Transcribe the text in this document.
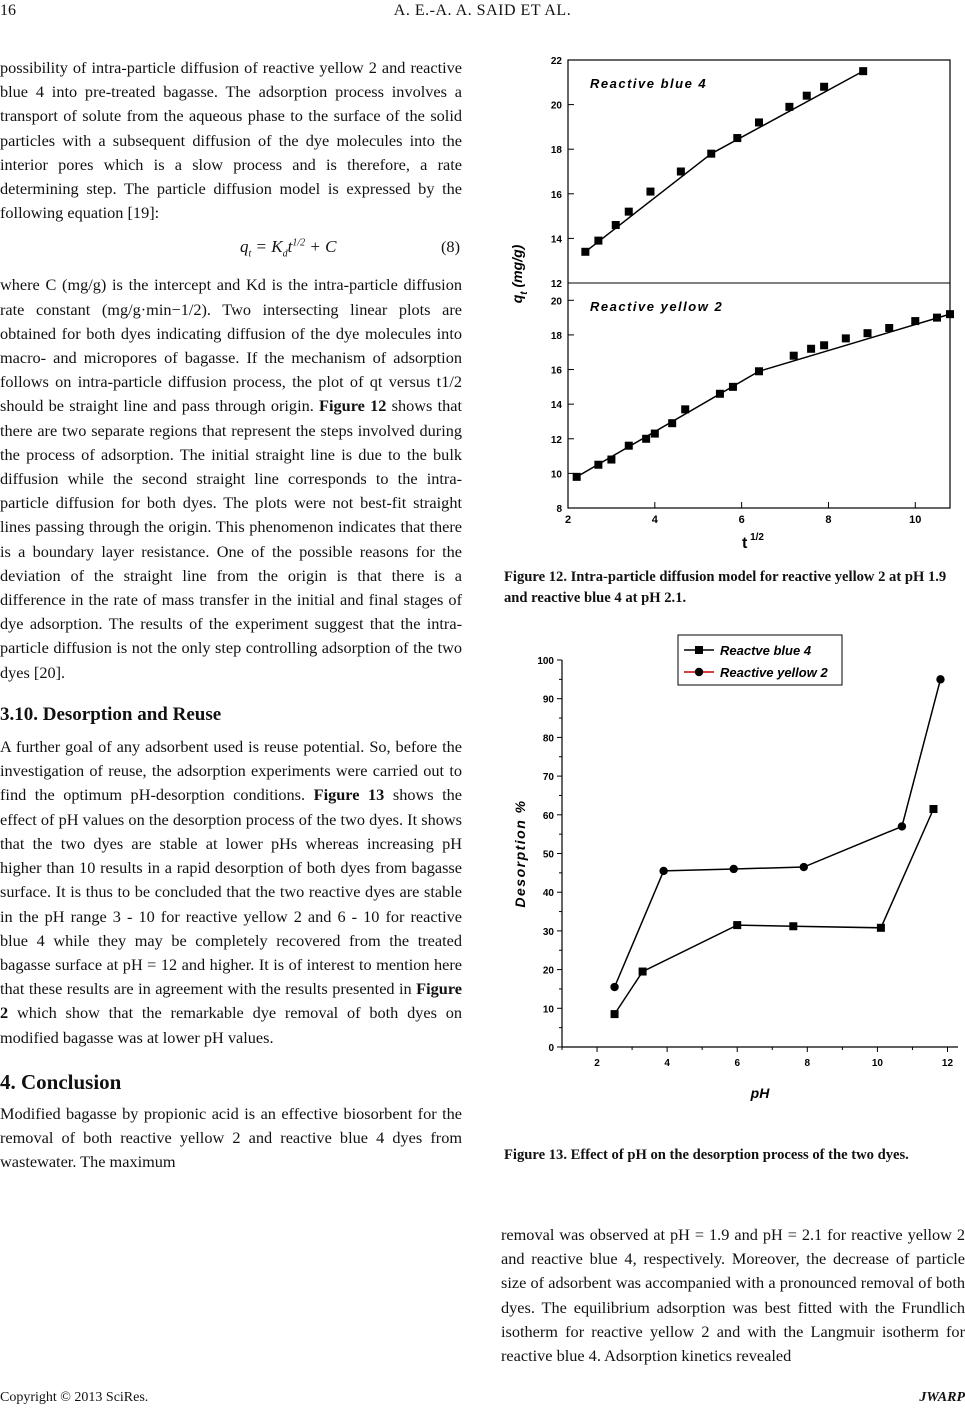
16	A. E.-A. A. SAID ET AL.

possibility of intra-particle diffusion of reactive yellow 2 and reactive blue 4 into pre-treated bagasse. The adsorption process involves a transport of solute from the aqueous phase to the surface of the solid particles with a subsequent diffusion of the dye molecules into the interior pores which is a slow process and is therefore, a rate determining step. The particle diffusion model is expressed by the following equation [19]:

$q_t = K_dt^{1/2} + C$	(8)

where C (mg/g) is the intercept and Kd is the intra-particle diffusion rate constant (mg/g·min−1/2). Two intersecting linear plots are obtained for both dyes indicating diffusion of the dye molecules into macro- and micropores of bagasse. If the mechanism of adsorption follows on intra-particle diffusion process, the plot of qt versus t1/2 should be straight line and pass through origin. Figure 12 shows that there are two separate regions that represent the steps involved during the process of adsorption. The initial straight line is due to the bulk diffusion while the second straight line corresponds to the intra-particle diffusion for both dyes. The plots were not best-fit straight lines passing through the origin. This phenomenon indicates that there is a boundary layer resistance. One of the possible reasons for the deviation of the straight line from the origin is that there is a difference in the rate of mass transfer in the initial and final stages of dye adsorption. The results of the experiment suggest that the intra-particle diffusion is not the only step controlling adsorption of the two dyes [20].

3.10. Desorption and Reuse

A further goal of any adsorbent used is reuse potential. So, before the investigation of reuse, the adsorption experiments were carried out to find the optimum pH-desorption conditions. Figure 13 shows the effect of pH values on the desorption process of the two dyes. It shows that the two dyes are stable at lower pHs whereas increasing pH higher than 10 results in a rapid desorption of both dyes from bagasse surface. It is thus to be concluded that the two reactive dyes are stable in the pH range 3 - 10 for reactive yellow 2 and 6 - 10 for reactive blue 4 while they may be completely recovered from the treated bagasse surface at pH = 12 and higher. It is of interest to mention here that these results are in agreement with the results presented in Figure 2 which show that the remarkable dye removal of both dyes on modified bagasse was at lower pH values.

4. Conclusion

Modified bagasse by propionic acid is an effective biosorbent for the removal of both reactive yellow 2 and reactive blue 4 dyes from wastewater. The maximum

12
14
16
18
20
22
Reactive blue 4
8
10
12
14
16
18
20 Reactive yellow 2
2	4	6	8	10
t $^{1/2}$
$q_t$ (mg/g)
Figure 12. Intra-particle diffusion model for reactive yellow 2 at pH 1.9 and reactive blue 4 at pH 2.1.
0
10
20
30
40
50
60
70
80
90
100
2	4	6	8	10	12
pH
Desorption %
Reactve blue 4
Reactive yellow 2
Figure 13. Effect of pH on the desorption process of the two dyes.

removal was observed at pH = 1.9 and pH = 2.1 for reactive yellow 2 and reactive blue 4, respectively. Moreover, the decrease of particle size of adsorbent was accompanied with a pronounced removal of both dyes. The equilibrium adsorption was best fitted with the Frundlich isotherm for reactive yellow 2 and with the Langmuir isotherm for reactive blue 4. Adsorption kinetics revealed

Copyright © 2013 SciRes.	JWARP
